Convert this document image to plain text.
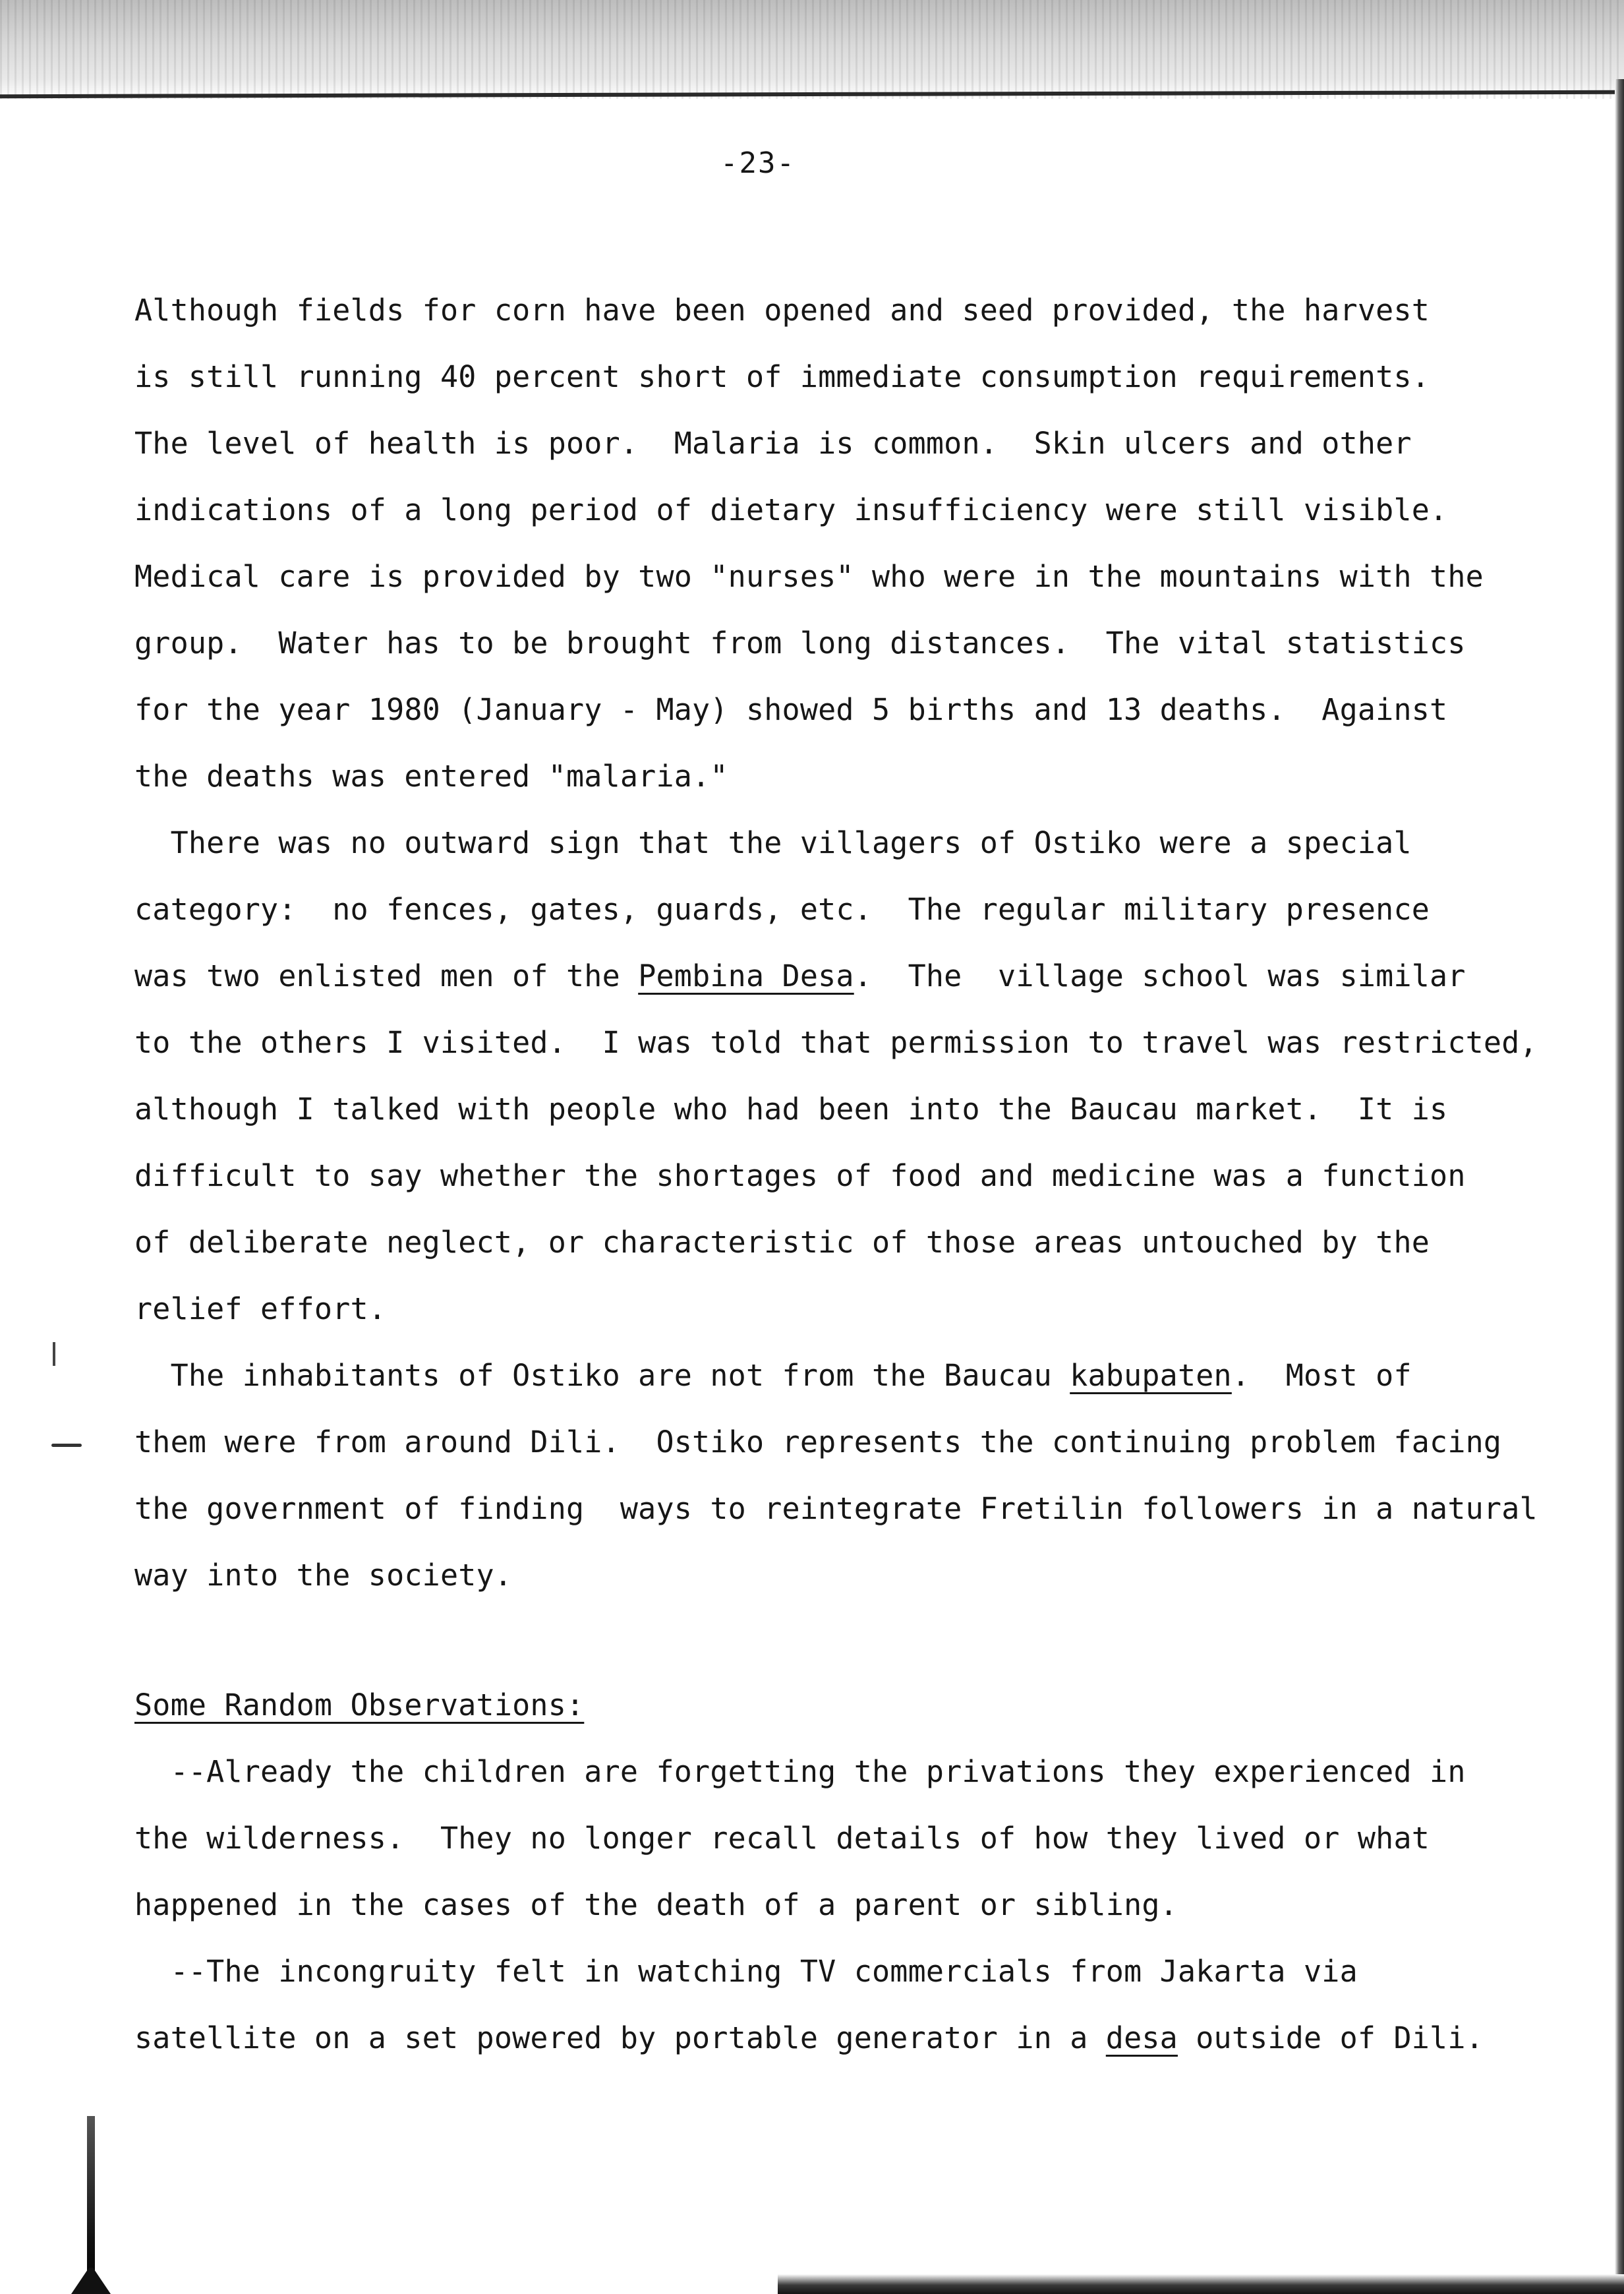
-23-
Although fields for corn have been opened and seed provided, the harvest
is still running 40 percent short of immediate consumption requirements.
The level of health is poor.  Malaria is common.  Skin ulcers and other
indications of a long period of dietary insufficiency were still visible.
Medical care is provided by two "nurses" who were in the mountains with the
group.  Water has to be brought from long distances.  The vital statistics
for the year 1980 (January - May) showed 5 births and 13 deaths.  Against
the deaths was entered "malaria."
There was no outward sign that the villagers of Ostiko were a special
category:  no fences, gates, guards, etc.  The regular military presence
was two enlisted men of the Pembina Desa.  The  village school was similar
to the others I visited.  I was told that permission to travel was restricted,
although I talked with people who had been into the Baucau market.  It is
difficult to say whether the shortages of food and medicine was a function
of deliberate neglect, or characteristic of those areas untouched by the
relief effort.
The inhabitants of Ostiko are not from the Baucau kabupaten.  Most of
them were from around Dili.  Ostiko represents the continuing problem facing
the government of finding  ways to reintegrate Fretilin followers in a natural
way into the society.
Some Random Observations:
--Already the children are forgetting the privations they experienced in
the wilderness.  They no longer recall details of how they lived or what
happened in the cases of the death of a parent or sibling.
--The incongruity felt in watching TV commercials from Jakarta via
satellite on a set powered by portable generator in a desa outside of Dili.
